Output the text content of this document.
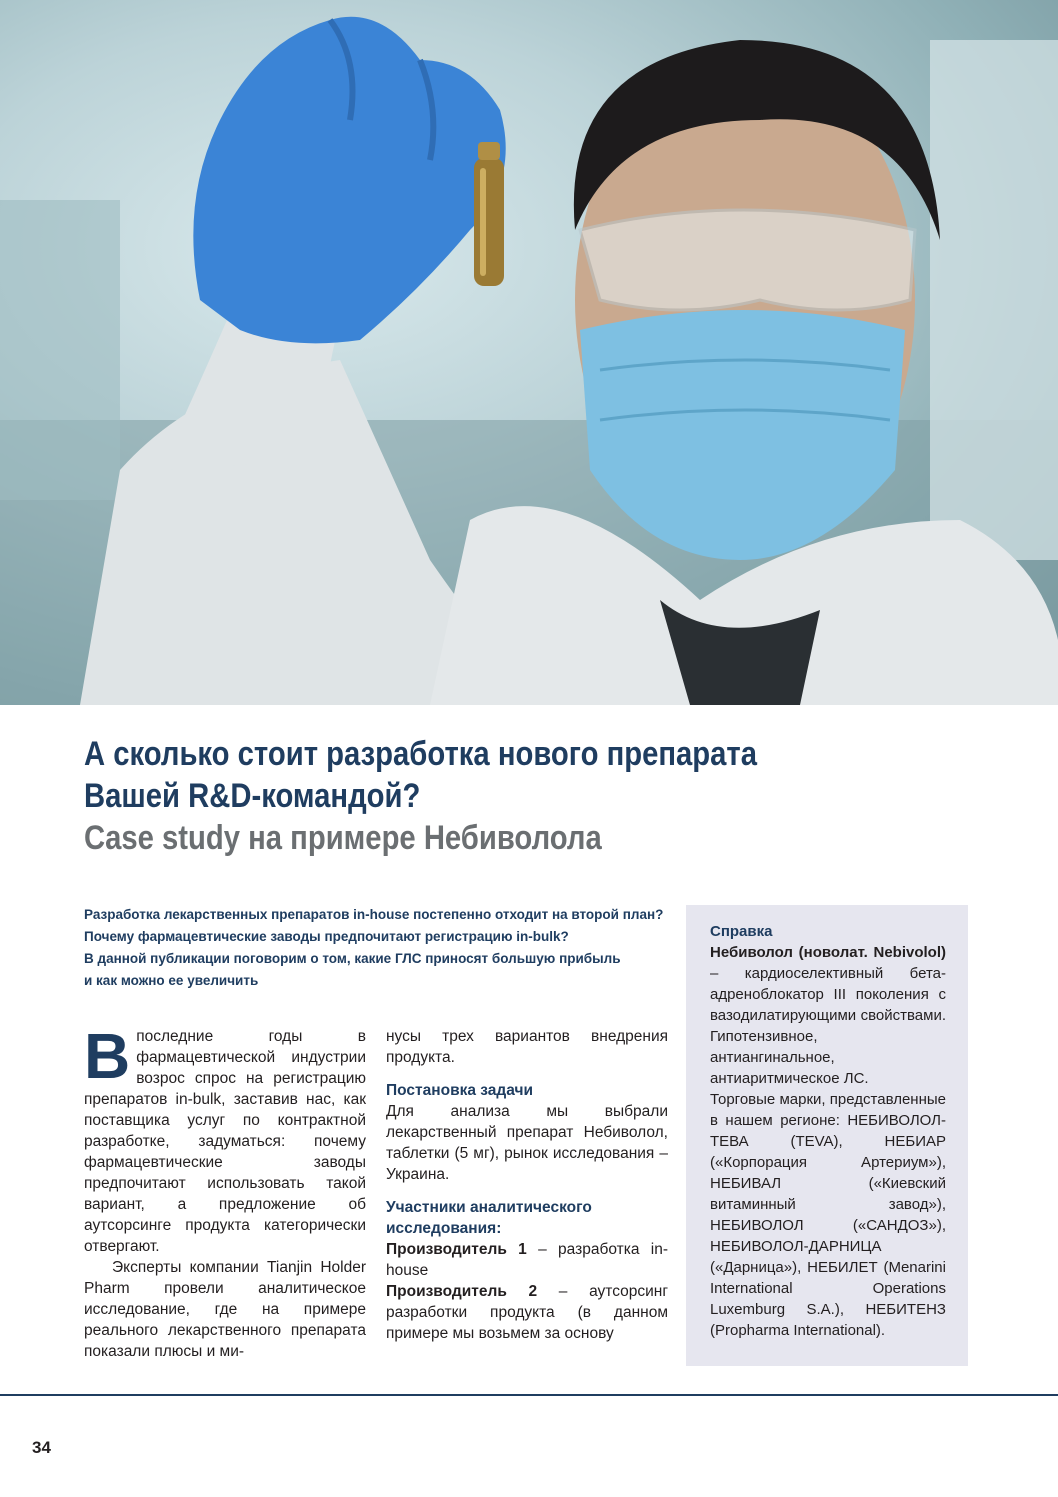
А сколько стоит разработка нового препарата
Вашей R&D-командой?
Case study на примере Небиволола
Разработка лекарственных препаратов in-house постепенно отходит на второй план?
Почему фармацевтические заводы предпочитают регистрацию in-bulk?
В данной публикации поговорим о том, какие ГЛС приносят большую прибыль
и как можно ее увеличить

Впоследние годы в фармацевтической индустрии возрос спрос на регистрацию препаратов in-bulk, заставив нас, как поставщика услуг по контрактной разработке, задуматься: почему фармацевтические заводы предпочитают использовать такой вариант, а предложение об аутсорсинге продукта категорически отвергают.

Эксперты компании Tianjin Holder Pharm провели аналитическое исследование, где на примере реального лекарственного препарата показали плюсы и ми-

нусы трех вариантов внедрения продукта.

Постановка задачи

Для анализа мы выбрали лекарственный препарат Небиволол, таблетки (5 мг), рынок исследования – Украина.

Участники аналитического исследования:

Производитель 1 – разработка in-house

Производитель 2 – аутсорсинг разработки продукта (в данном примере мы возьмем за основу

Справка

Небиволол (новолат. Nebivolol) – кардиоселективный бета-адреноблокатор III поколения с вазодилатирующими свойствами. Гипотензивное, антиангинальное, антиаритмическое ЛС.

Торговые марки, представленные в нашем регионе: НЕБИВОЛОЛ-ТЕВА (TEVA), НЕБИАР («Корпорация Артериум»), НЕБИВАЛ («Киевский витаминный завод»), НЕБИВОЛОЛ («САНДОЗ»), НЕБИВОЛОЛ-ДАРНИЦА («Дарница»), НЕБИЛЕТ (Menarini International Operations Luxemburg S.A.), НЕБИТЕНЗ (Propharma International).

34
